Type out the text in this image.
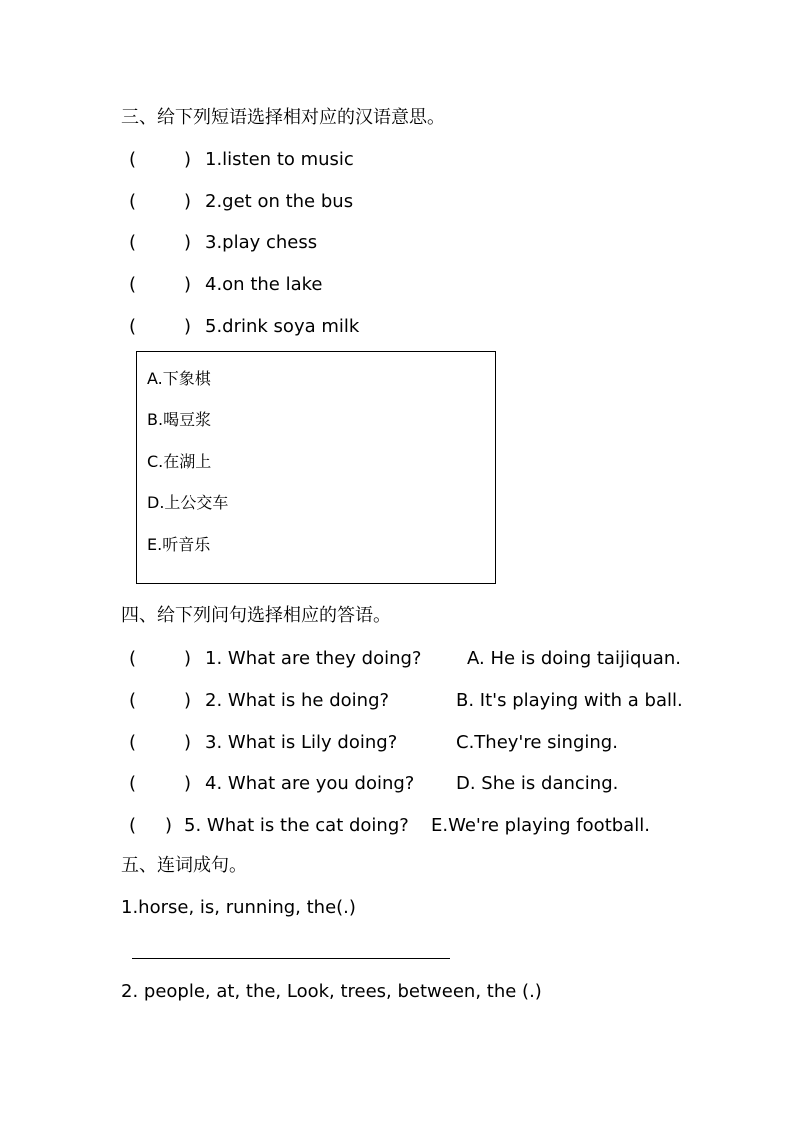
三、给下列短语选择相对应的汉语意思。
(	) 1.listen to music
(	) 2.get on the bus
(	) 3.play chess
(	) 4.on the lake
(	) 5.drink soya milk
A.下象棋
B.喝豆浆
C.在湖上
D.上公交车
E.听音乐
四、给下列问句选择相应的答语。
(	) 1. What are they doing?	A. He is doing taijiquan.
(	) 2. What is he doing?	B. It's playing with a ball.
(	) 3. What is Lily doing?	C.They're singing.
(	) 4. What are you doing? D. She is dancing.
( ) 5. What is the cat doing? E.We're playing football.
五、连词成句。
1.horse, is, running, the(.)
2. people, at, the, Look, trees, between, the (.)
